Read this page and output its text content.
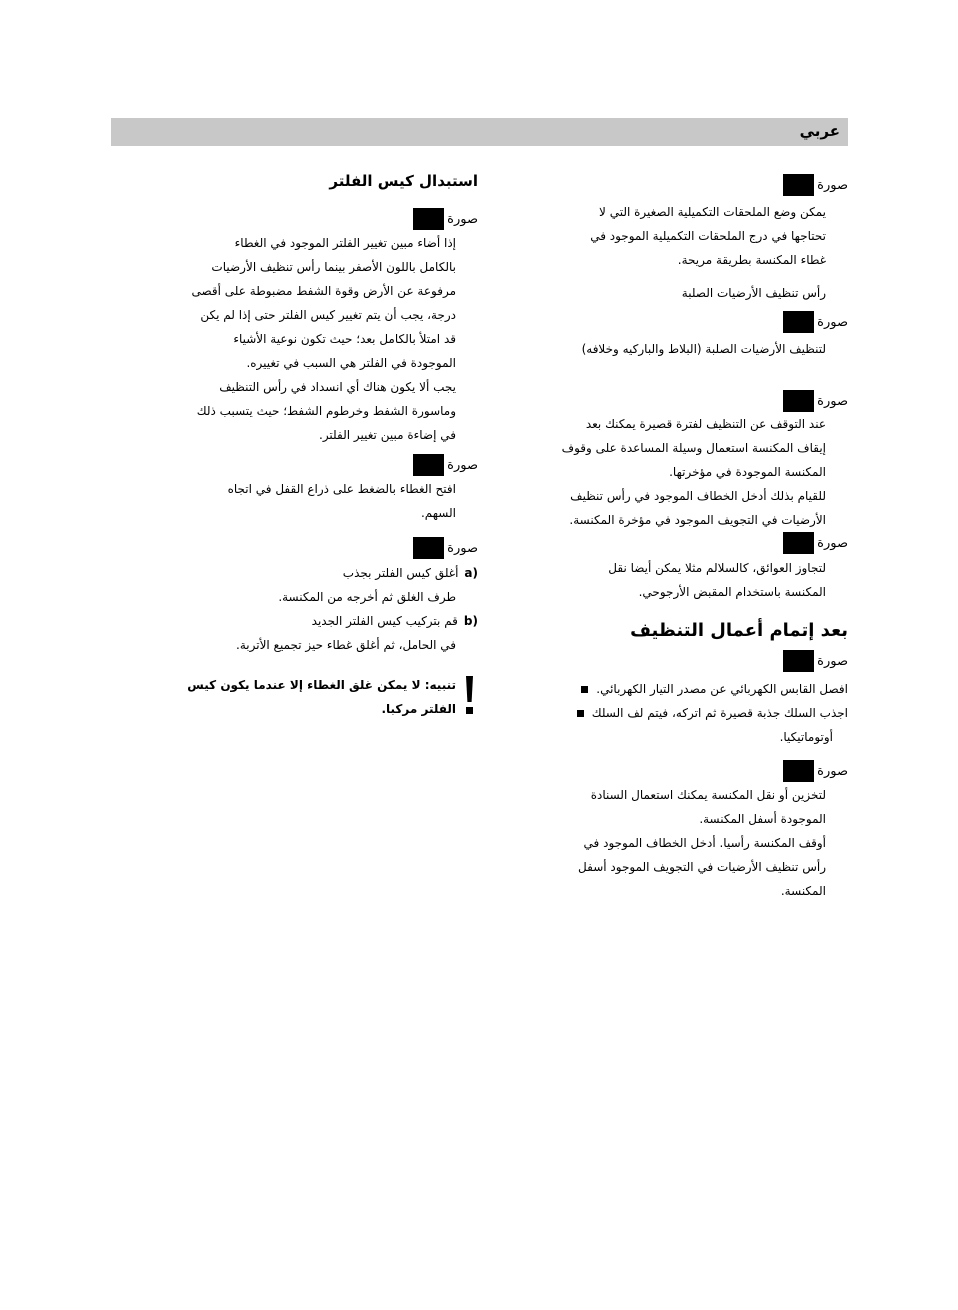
عربي
صورة
يمكن وضع الملحقات التكميلية الصغيرة التي لا
تحتاجها في درج الملحقات التكميلية الموجود في
غطاء المكنسة بطريقة مريحة.
رأس تنظيف الأرضيات الصلبة
صورة
لتنظيف الأرضيات الصلبة (البلاط والباركيه وخلافه)
صورة
عند التوقف عن التنظيف لفترة قصيرة يمكنك بعد
إيقاف المكنسة استعمال وسيلة المساعدة على وقوف
المكنسة الموجودة في مؤخرتها.
للقيام بذلك أدخل الخطاف الموجود في رأس تنظيف
الأرضيات في التجويف الموجود في مؤخرة المكنسة.
صورة
لتجاوز العوائق، كالسلالم مثلا يمكن أيضا نقل
المكنسة باستخدام المقبض الأرجوحي.
بعد إتمام أعمال التنظيف
صورة
افصل القابس الكهربائي عن مصدر التيار الكهربائي.
اجذب السلك جذبة قصيرة ثم اتركه، فيتم لف السلك
أوتوماتيكيا.
صورة
لتخزين أو نقل المكنسة يمكنك استعمال السنادة
الموجودة أسفل المكنسة.
أوقف المكنسة رأسيا. أدخل الخطاف الموجود في
رأس تنظيف الأرضيات في التجويف الموجود أسفل
المكنسة.
استبدال كيس الفلتر
صورة
إذا أضاء مبين تغيير الفلتر الموجود في الغطاء
بالكامل باللون الأصفر بينما رأس تنظيف الأرضيات
مرفوعة عن الأرض وقوة الشفط مضبوطة على أقصى
درجة، يجب أن يتم تغيير كيس الفلتر حتى إذا لم يكن
قد امتلأ بالكامل بعد؛ حيث تكون نوعية الأشياء
الموجودة في الفلتر هي السبب في تغييره.
يجب ألا يكون هناك أي انسداد في رأس التنظيف
وماسورة الشفط وخرطوم الشفط؛ حيث يتسبب ذلك
في إضاءة مبين تغيير الفلتر.
صورة
افتح الغطاء بالضغط على ذراع القفل في اتجاه
السهم.
صورة
a)أغلق كيس الفلتر بجذب
طرف الغلق ثم أخرجه من المكنسة.
b)قم بتركيب كيس الفلتر الجديد
في الحامل، ثم أغلق غطاء حيز تجميع الأتربة.
تنبيه: لا يمكن غلق الغطاء إلا عندما يكون كيس
الفلتر مركبا.
